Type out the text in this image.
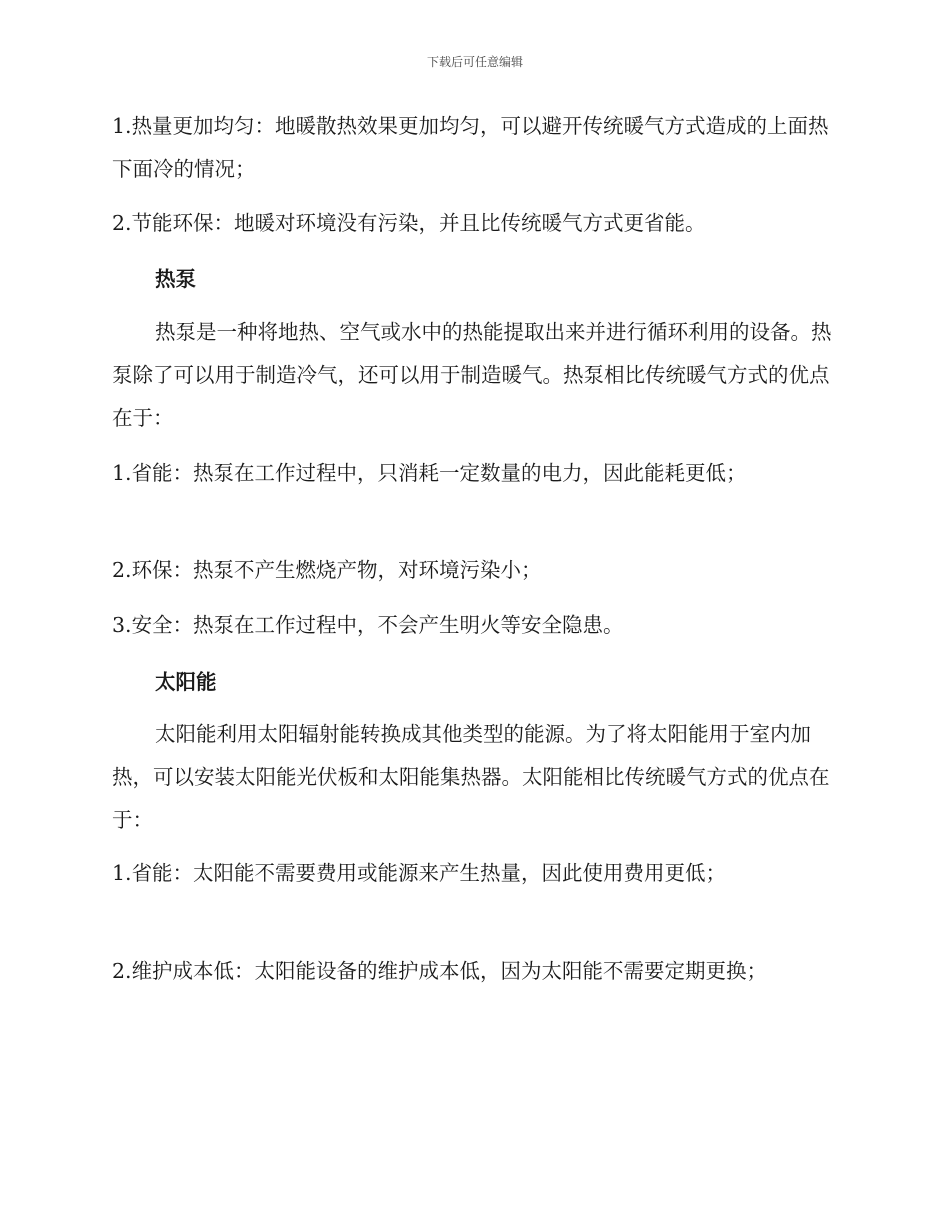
下载后可任意编辑
1.热量更加均匀：地暖散热效果更加均匀，可以避开传统暖气方式造成的上面热下面冷的情况；
2.节能环保：地暖对环境没有污染，并且比传统暖气方式更省能。
热泵
热泵是一种将地热、空气或水中的热能提取出来并进行循环利用的设备。热泵除了可以用于制造冷气，还可以用于制造暖气。热泵相比传统暖气方式的优点在于：
1.省能：热泵在工作过程中，只消耗一定数量的电力，因此能耗更低；
2.环保：热泵不产生燃烧产物，对环境污染小；
3.安全：热泵在工作过程中，不会产生明火等安全隐患。
太阳能
太阳能利用太阳辐射能转换成其他类型的能源。为了将太阳能用于室内加热，可以安装太阳能光伏板和太阳能集热器。太阳能相比传统暖气方式的优点在于：
1.省能：太阳能不需要费用或能源来产生热量，因此使用费用更低；
2.维护成本低：太阳能设备的维护成本低，因为太阳能不需要定期更换；
